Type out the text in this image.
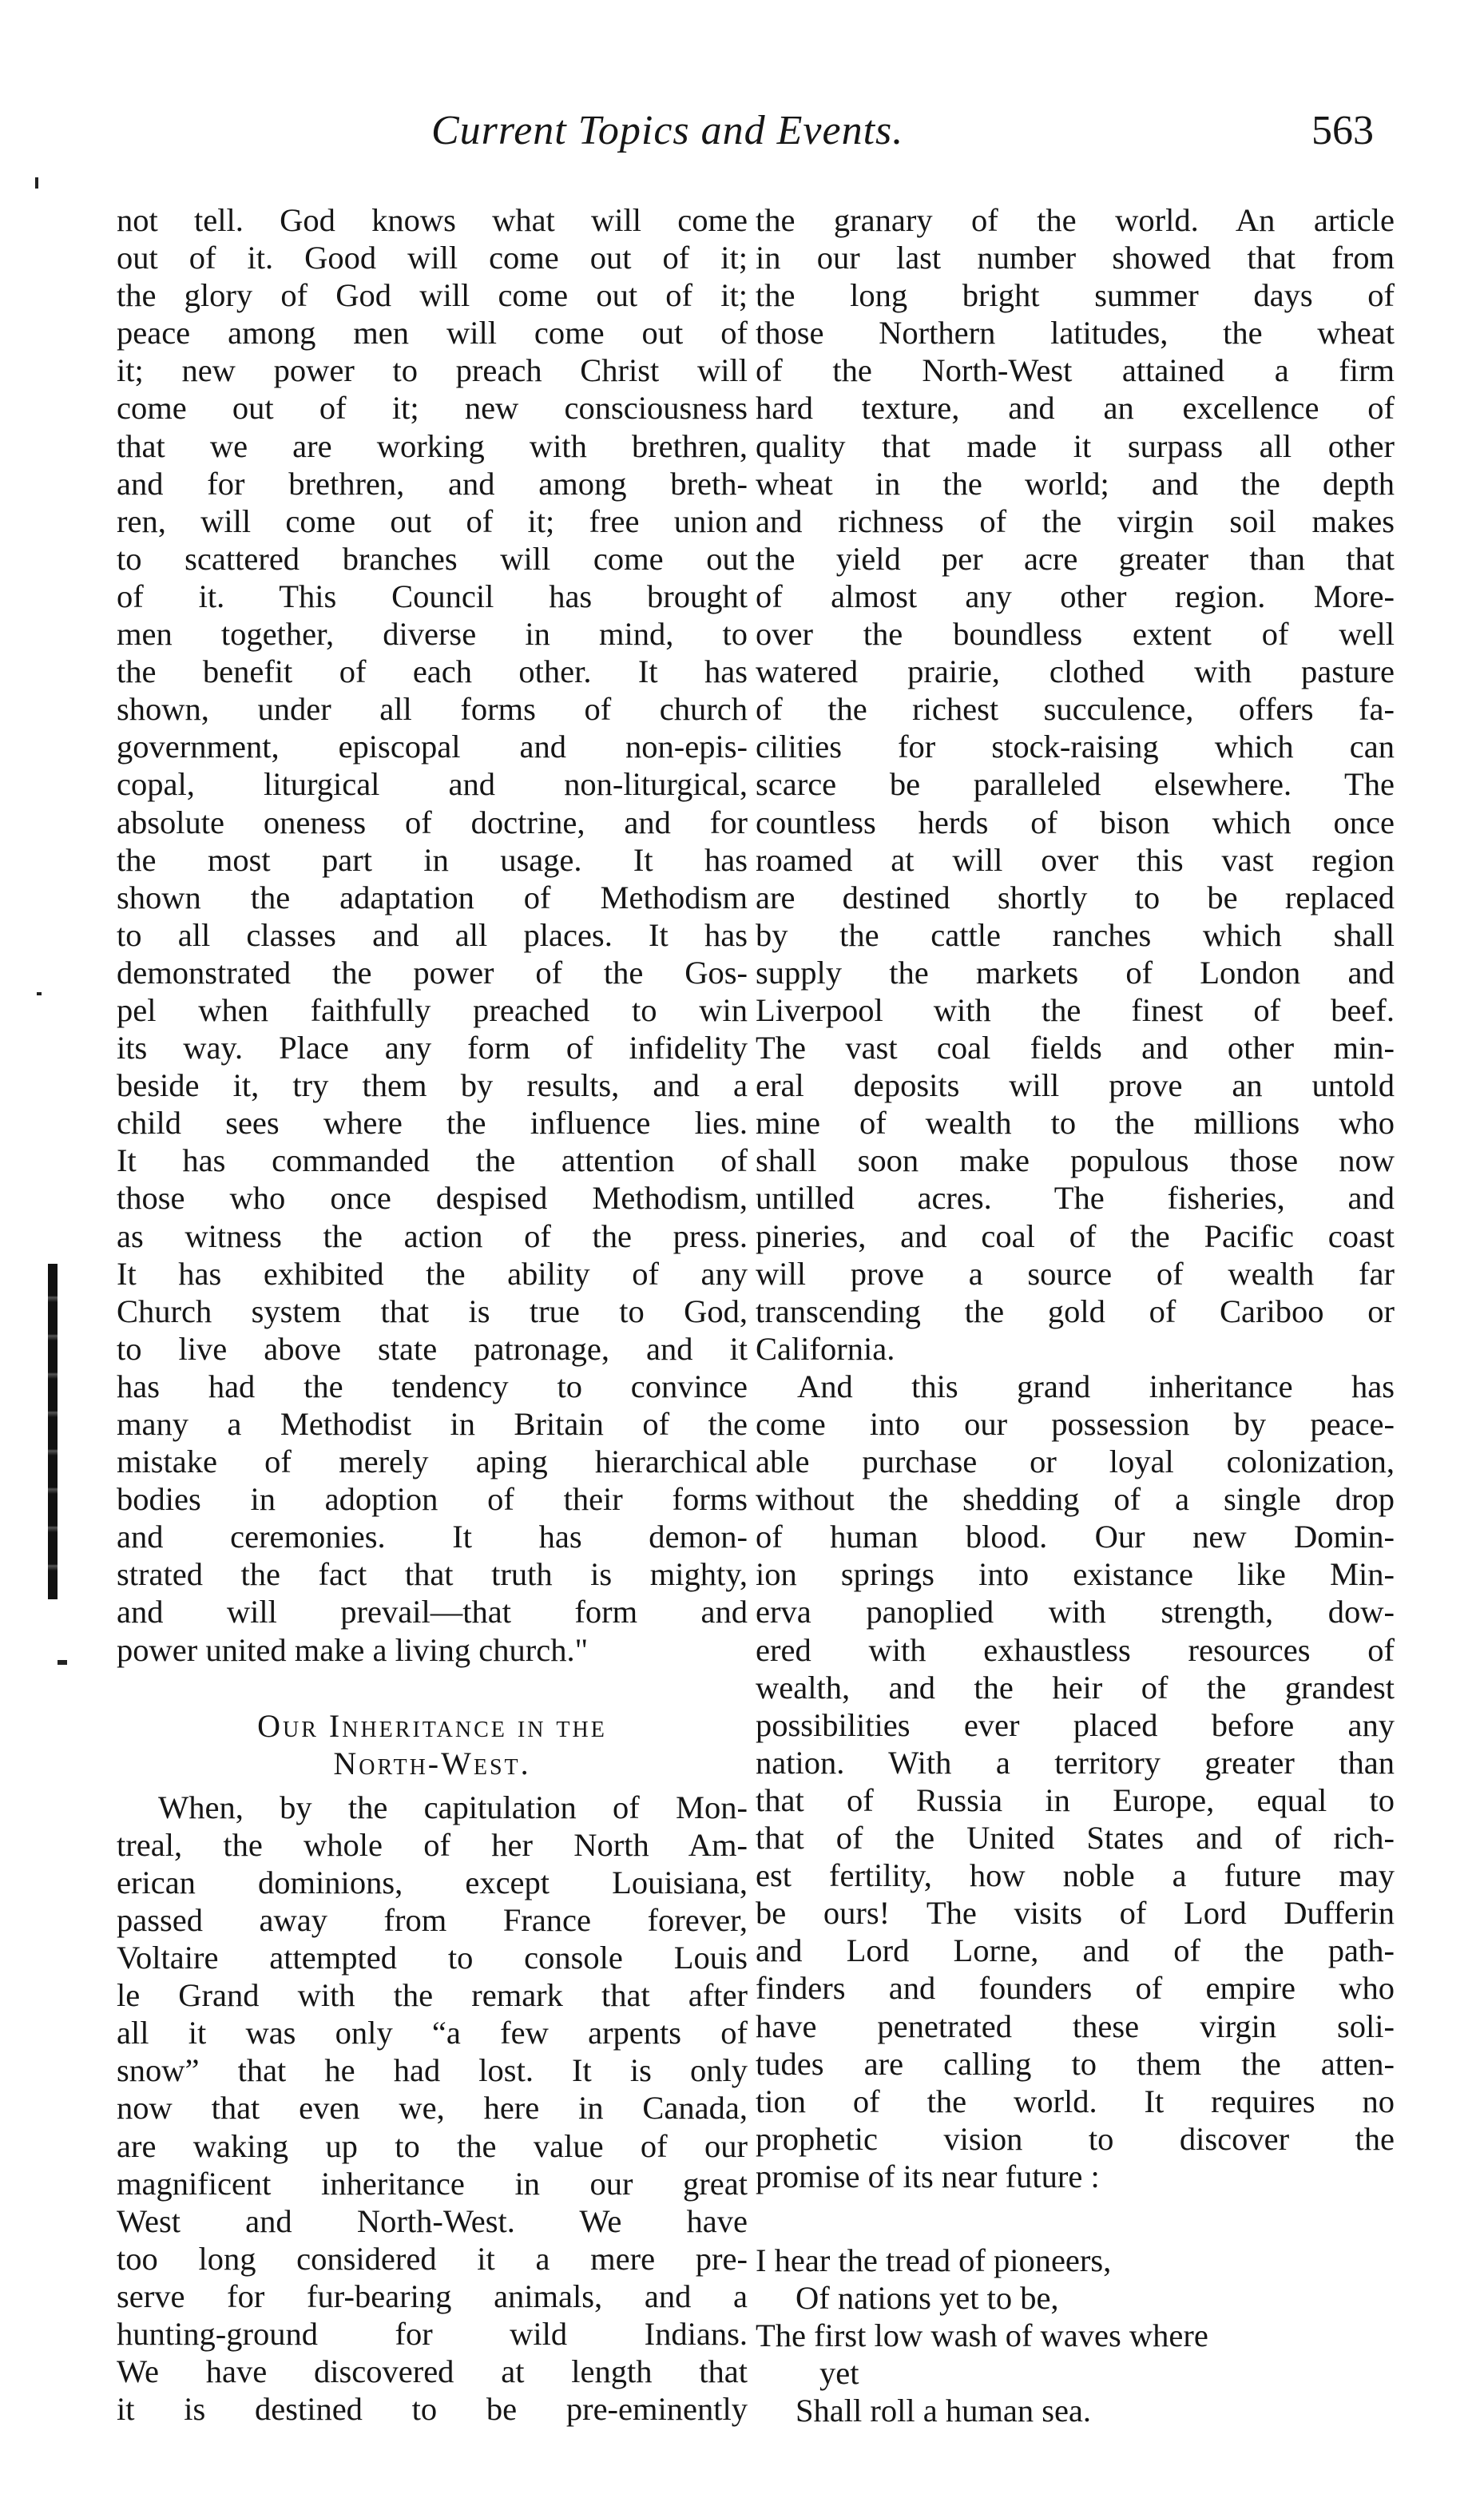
Current Topics and Events.	563
not tell. God knows what will come
out of it. Good will come out of it;
the glory of God will come out of it;
peace among men will come out of
it; new power to preach Christ will
come out of it; new consciousness
that we are working with brethren,
and for brethren, and among breth-
ren, will come out of it; free union
to scattered branches will come out
of it. This Council has brought
men together, diverse in mind, to
the benefit of each other. It has
shown, under all forms of church
government, episcopal and non-epis-
copal, liturgical and non-liturgical,
absolute oneness of doctrine, and for
the most part in usage. It has
shown the adaptation of Methodism
to all classes and all places. It has
demonstrated the power of the Gos-
pel when faithfully preached to win
its way. Place any form of infidelity
beside it, try them by results, and a
child sees where the influence lies.
It has commanded the attention of
those who once despised Methodism,
as witness the action of the press.
It has exhibited the ability of any
Church system that is true to God,
to live above state patronage, and it
has had the tendency to convince
many a Methodist in Britain of the
mistake of merely aping hierarchical
bodies in adoption of their forms
and ceremonies. It has demon-
strated the fact that truth is mighty,
and will prevail—that form and
power united make a living church."
Our Inheritance in the
North-West.
When, by the capitulation of Mon-
treal, the whole of her North Am-
erican dominions, except Louisiana,
passed away from France forever,
Voltaire attempted to console Louis
le Grand with the remark that after
all it was only “a few arpents of
snow” that he had lost. It is only
now that even we, here in Canada,
are waking up to the value of our
magnificent inheritance in our great
West and North-West. We have
too long considered it a mere pre-
serve for fur-bearing animals, and a
hunting-ground for wild Indians.
We have discovered at length that
it is destined to be pre-eminently
the granary of the world. An article
in our last number showed that from
the long bright summer days of
those Northern latitudes, the wheat
of the North-West attained a firm
hard texture, and an excellence of
quality that made it surpass all other
wheat in the world; and the depth
and richness of the virgin soil makes
the yield per acre greater than that
of almost any other region. More-
over the boundless extent of well
watered prairie, clothed with pasture
of the richest succulence, offers fa-
cilities for stock-raising which can
scarce be paralleled elsewhere. The
countless herds of bison which once
roamed at will over this vast region
are destined shortly to be replaced
by the cattle ranches which shall
supply the markets of London and
Liverpool with the finest of beef.
The vast coal fields and other min-
eral deposits will prove an untold
mine of wealth to the millions who
shall soon make populous those now
untilled acres. The fisheries, and
pineries, and coal of the Pacific coast
will prove a source of wealth far
transcending the gold of Cariboo or
California.
And this grand inheritance has
come into our possession by peace-
able purchase or loyal colonization,
without the shedding of a single drop
of human blood. Our new Domin-
ion springs into existance like Min-
erva panoplied with strength, dow-
ered with exhaustless resources of
wealth, and the heir of the grandest
possibilities ever placed before any
nation. With a territory greater than
that of Russia in Europe, equal to
that of the United States and of rich-
est fertility, how noble a future may
be ours! The visits of Lord Dufferin
and Lord Lorne, and of the path-
finders and founders of empire who
have penetrated these virgin soli-
tudes are calling to them the atten-
tion of the world. It requires no
prophetic vision to discover the
promise of its near future :
I hear the tread of pioneers,
Of nations yet to be,
The first low wash of waves where
yet
Shall roll a human sea.
